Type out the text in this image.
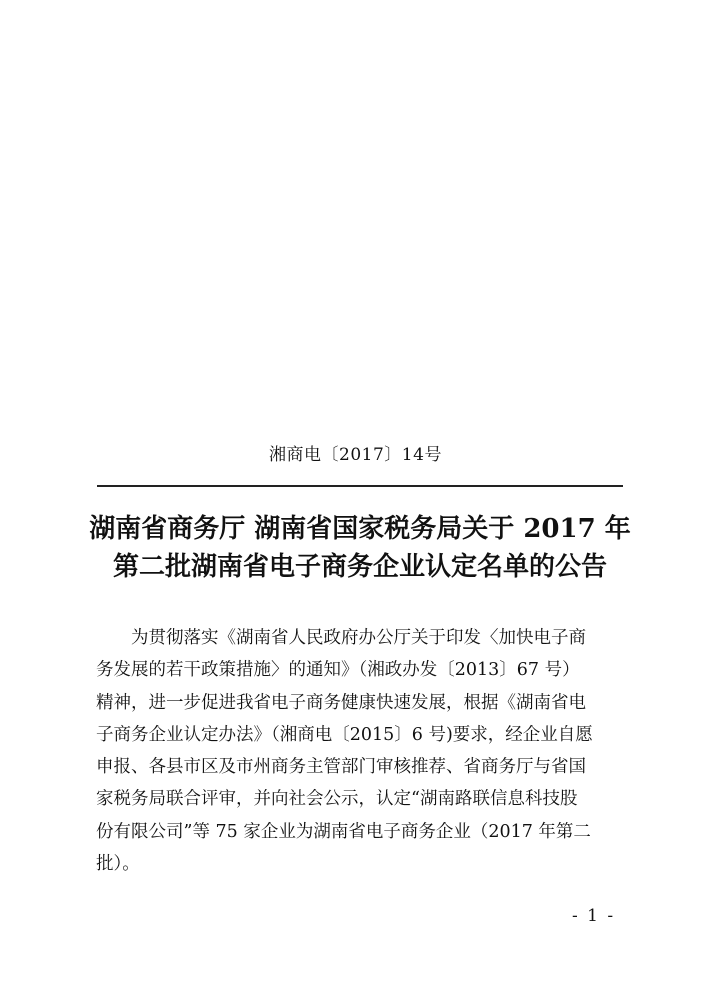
湘商电〔2017〕14号
湖南省商务厅 湖南省国家税务局关于 2017 年
第二批湖南省电子商务企业认定名单的公告
为贯彻落实《湖南省人民政府办公厅关于印发〈加快电子商
务发展的若干政策措施〉的通知》（湘政办发〔2013〕67 号）
精神，进一步促进我省电子商务健康快速发展，根据《湖南省电
子商务企业认定办法》（湘商电〔2015〕6 号)要求，经企业自愿
申报、各县市区及市州商务主管部门审核推荐、省商务厅与省国
家税务局联合评审，并向社会公示，认定“湖南路联信息科技股
份有限公司”等 75 家企业为湖南省电子商务企业（2017 年第二
批）。
- 1 -
